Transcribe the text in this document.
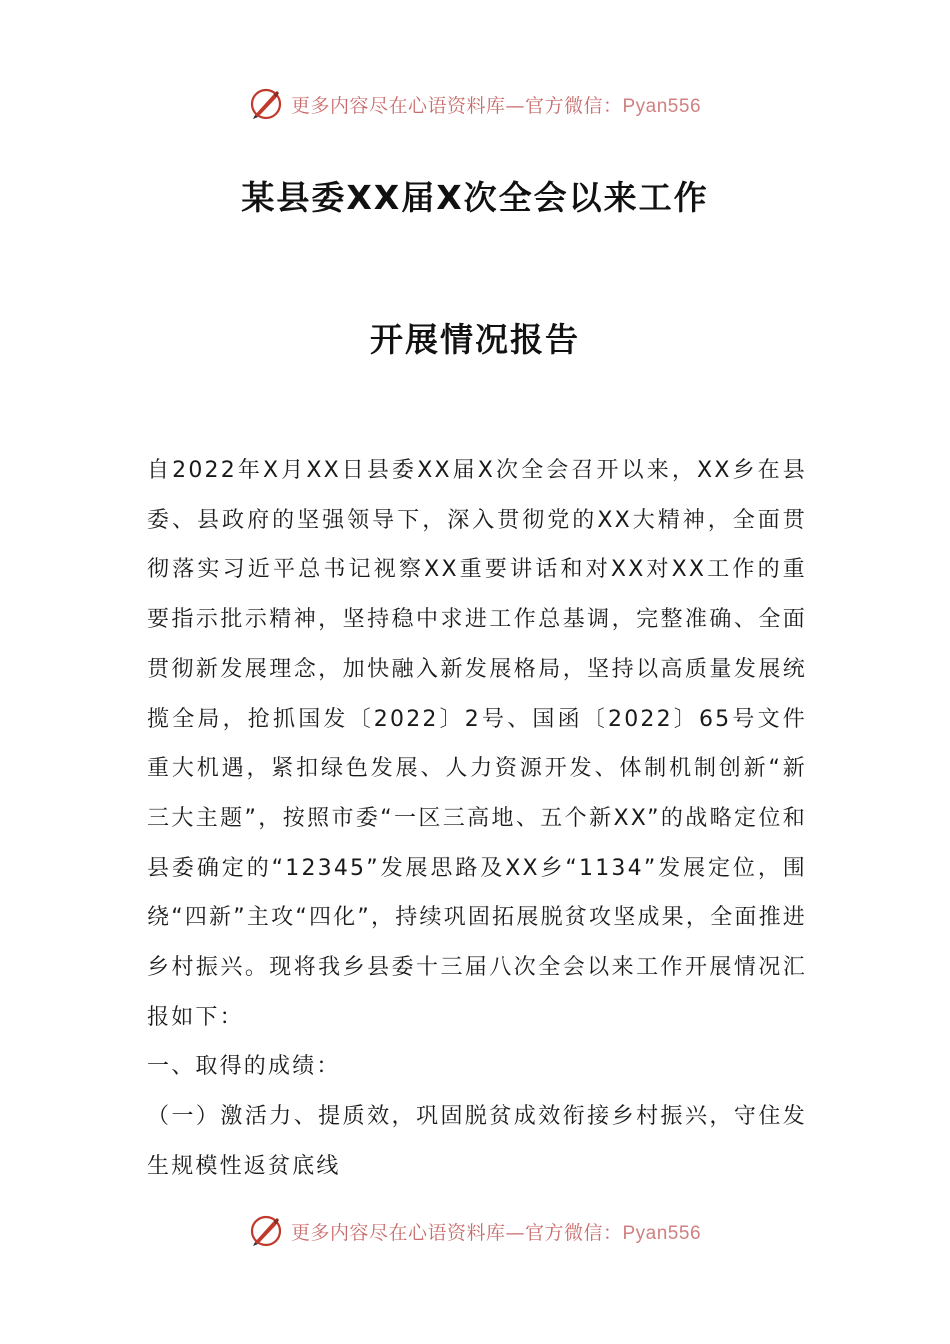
更多内容尽在心语资料库—官方微信：Pyan556
某县委XX届X次全会以来工作
开展情况报告

自2022年X月XX日县委XX届X次全会召开以来，XX乡在县委、县政府的坚强领导下，深入贯彻党的XX大精神，全面贯彻落实习近平总书记视察XX重要讲话和对XX对XX工作的重要指示批示精神，坚持稳中求进工作总基调，完整准确、全面贯彻新发展理念，加快融入新发展格局，坚持以高质量发展统揽全局，抢抓国发〔2022〕2号、国函〔2022〕65号文件重大机遇，紧扣绿色发展、人力资源开发、体制机制创新“新三大主题”，按照市委“一区三高地、五个新XX”的战略定位和县委确定的“12345”发展思路及XX乡“1134”发展定位，围绕“四新”主攻“四化”，持续巩固拓展脱贫攻坚成果，全面推进乡村振兴。现将我乡县委十三届八次全会以来工作开展情况汇报如下：

一、取得的成绩：

（一）激活力、提质效，巩固脱贫成效衔接乡村振兴，守住发生规模性返贫底线

更多内容尽在心语资料库—官方微信：Pyan556
